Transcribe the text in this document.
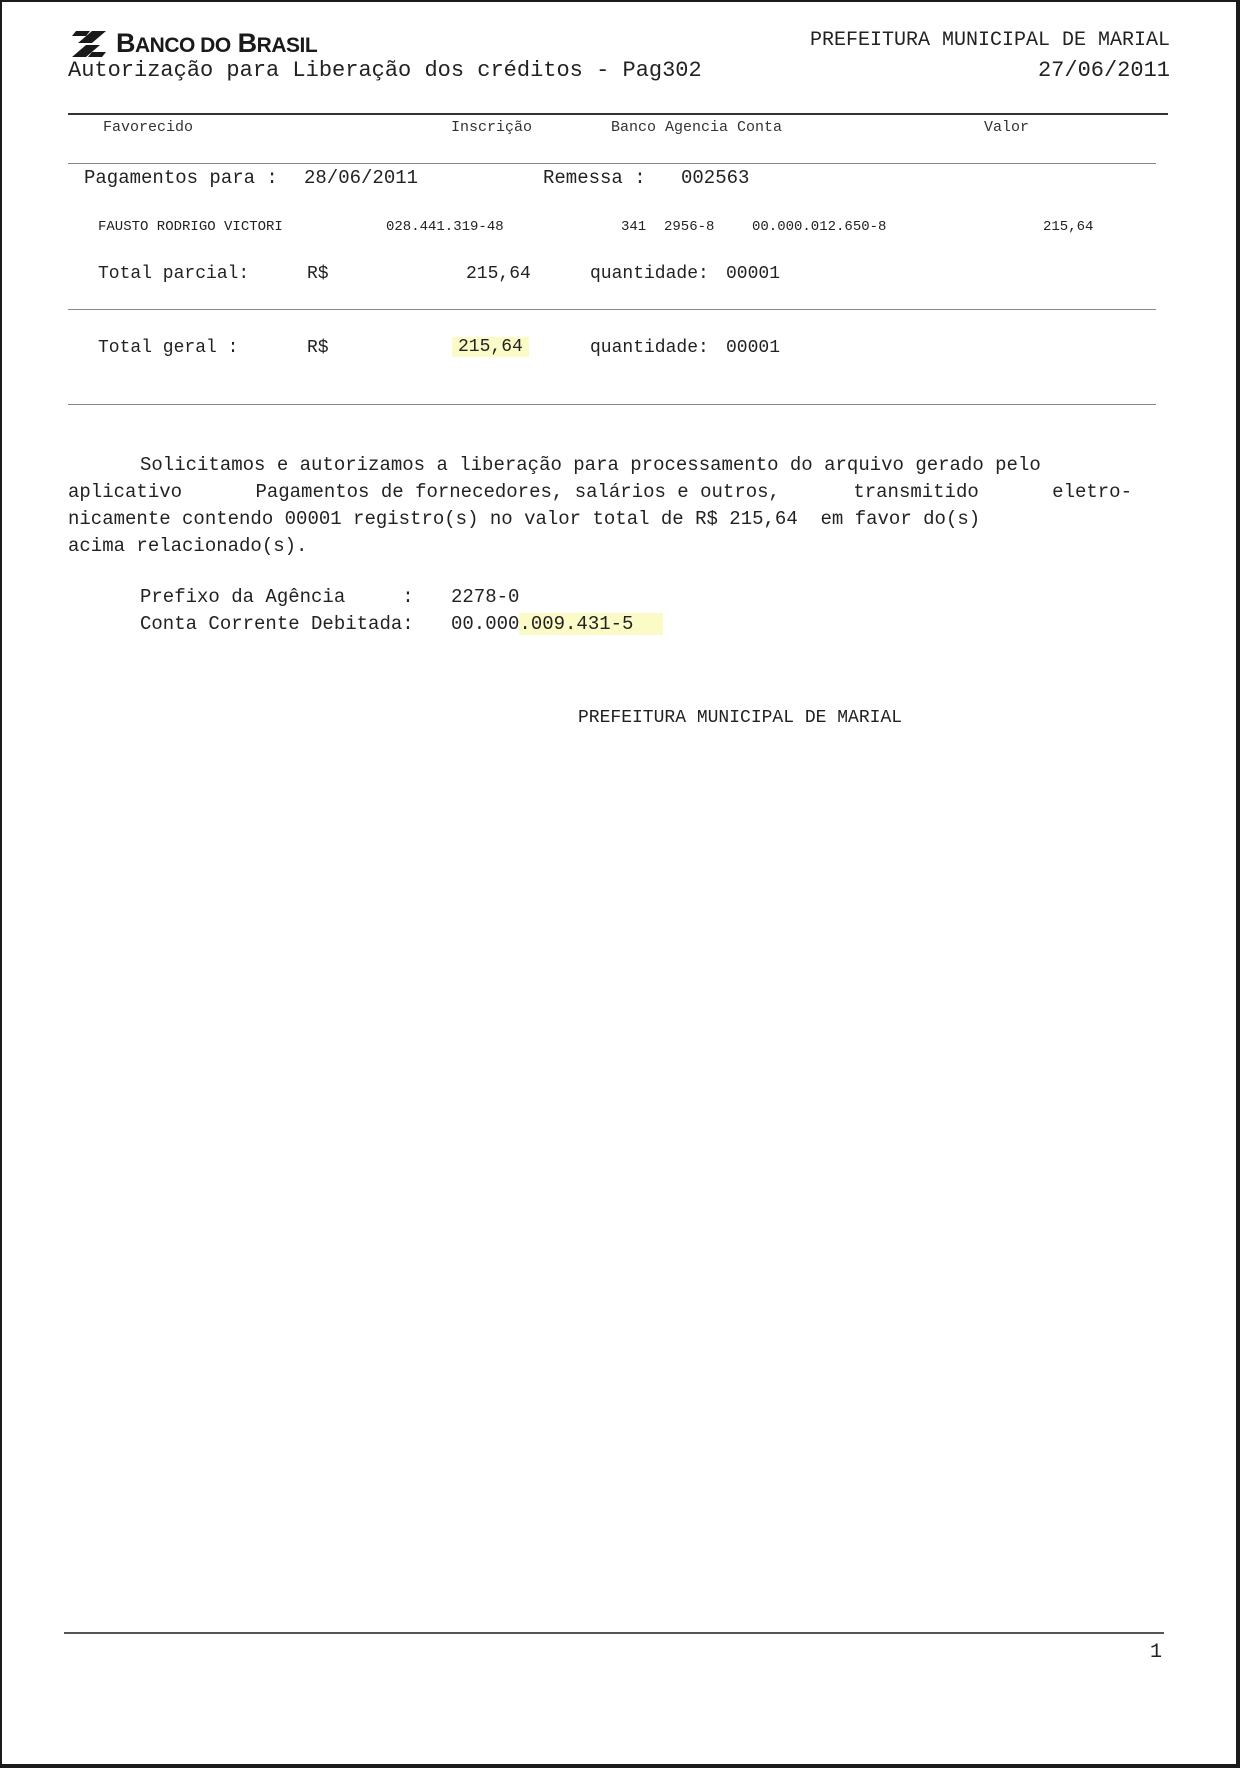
BANCO DO BRASIL
Autorização para Liberação dos créditos - Pag302
PREFEITURA MUNICIPAL DE MARIAL
27/06/2011
Favorecido	Inscrição	Banco Agencia Conta	Valor
Pagamentos para : 28/06/2011	Remessa : 002563
FAUSTO RODRIGO VICTORI	028.441.319-48	341 2956-8	00.000.012.650-8	215,64
Total parcial:	R$	215,64	quantidade: 00001
Total geral :	R$	215,64	quantidade: 00001
Solicitamos e autorizamos a liberação para processamento do arquivo gerado pelo
aplicativo	Pagamentos de fornecedores, salários e outros,	transmitido	eletro-
nicamente contendo 00001 registro(s) no valor total de R$ 215,64  em favor do(s)
acima relacionado(s).
Prefixo da Agência     : 2278-0
Conta Corrente Debitada: 00.000.009.431-5
PREFEITURA MUNICIPAL DE MARIAL
1
